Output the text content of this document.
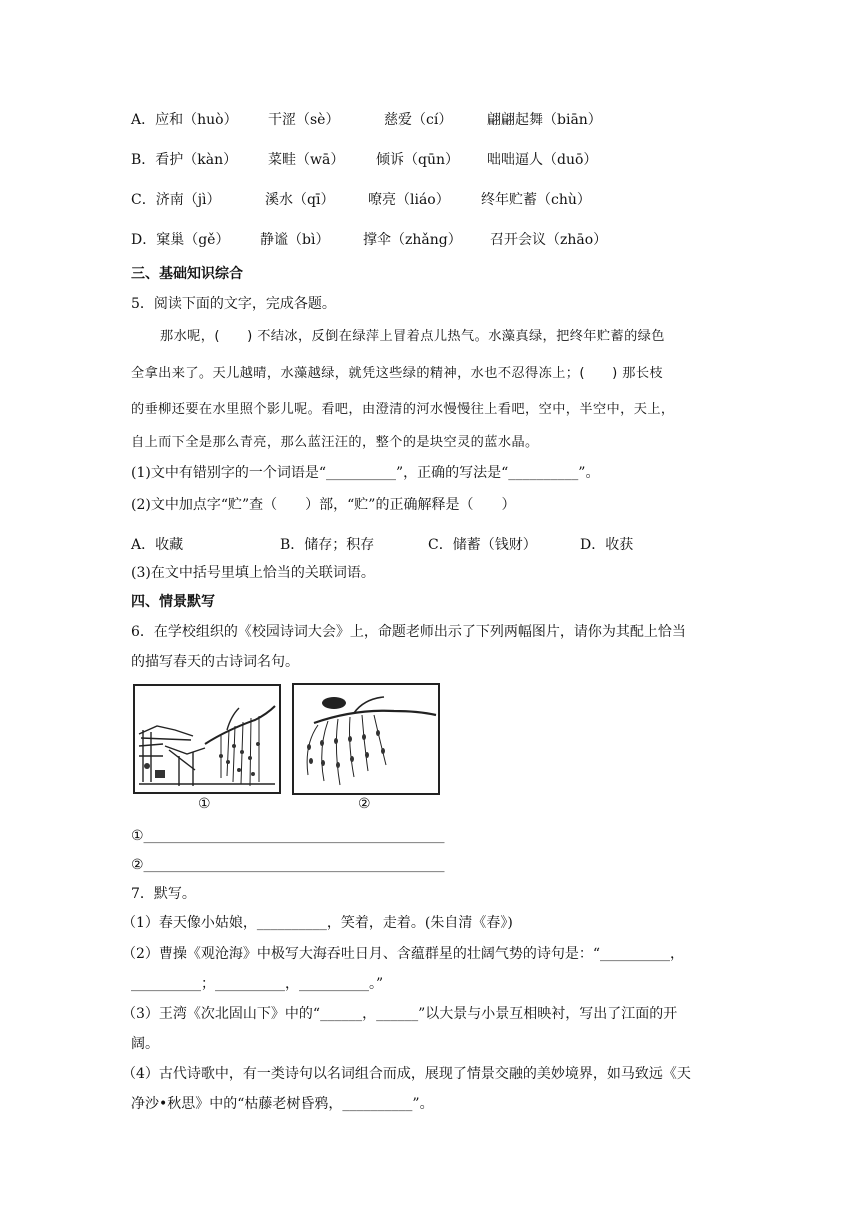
A．应和（huò） 干涩（sè）	慈爱（cí） 翩翩起舞（biān）
B．看护（kàn） 菜畦（wā） 倾诉（qūn） 咄咄逼人（duō）
C．济南（jì）	溪水（qī） 嘹亮（liáo） 终年贮蓄（chù）
D．窠巢（gě） 静谧（bì） 撑伞（zhǎng） 召开会议（zhāo）
三、基础知识综合
5．阅读下面的文字，完成各题。
那水呢，(　　) 不结冰，反倒在绿萍上冒着点儿热气。水藻真绿，把终年贮蓄的绿色
全拿出来了。天儿越晴，水藻越绿，就凭这些绿的精神，水也不忍得冻上；(　　) 那长枝
的垂柳还要在水里照个影儿呢。看吧，由澄清的河水慢慢往上看吧，空中，半空中，天上，
自上而下全是那么青亮，那么蓝汪汪的，整个的是块空灵的蓝水晶。
(1)文中有错别字的一个词语是“__________”，正确的写法是“__________”。
(2)文中加点字“贮”查（　　）部，“贮”的正确解释是（　　）
A．收藏	B．储存；积存	C．储蓄（钱财）	D．收获
(3)在文中括号里填上恰当的关联词语。
四、情景默写
6．在学校组织的《校园诗词大会》上，命题老师出示了下列两幅图片，请你为其配上恰当
的描写春天的古诗词名句。
①	②
①___________________________________________
②___________________________________________
7．默写。
（1）春天像小姑娘，__________，笑着，走着。(朱自清《春》)
（2）曹操《观沧海》中极写大海吞吐日月、含蕴群星的壮阔气势的诗句是：“__________，
__________；__________，__________。”
（3）王湾《次北固山下》中的“______，______”以大景与小景互相映衬，写出了江面的开
阔。
（4）古代诗歌中，有一类诗句以名词组合而成，展现了情景交融的美妙境界，如马致远《天
净沙•秋思》中的“枯藤老树昏鸦，__________”。
